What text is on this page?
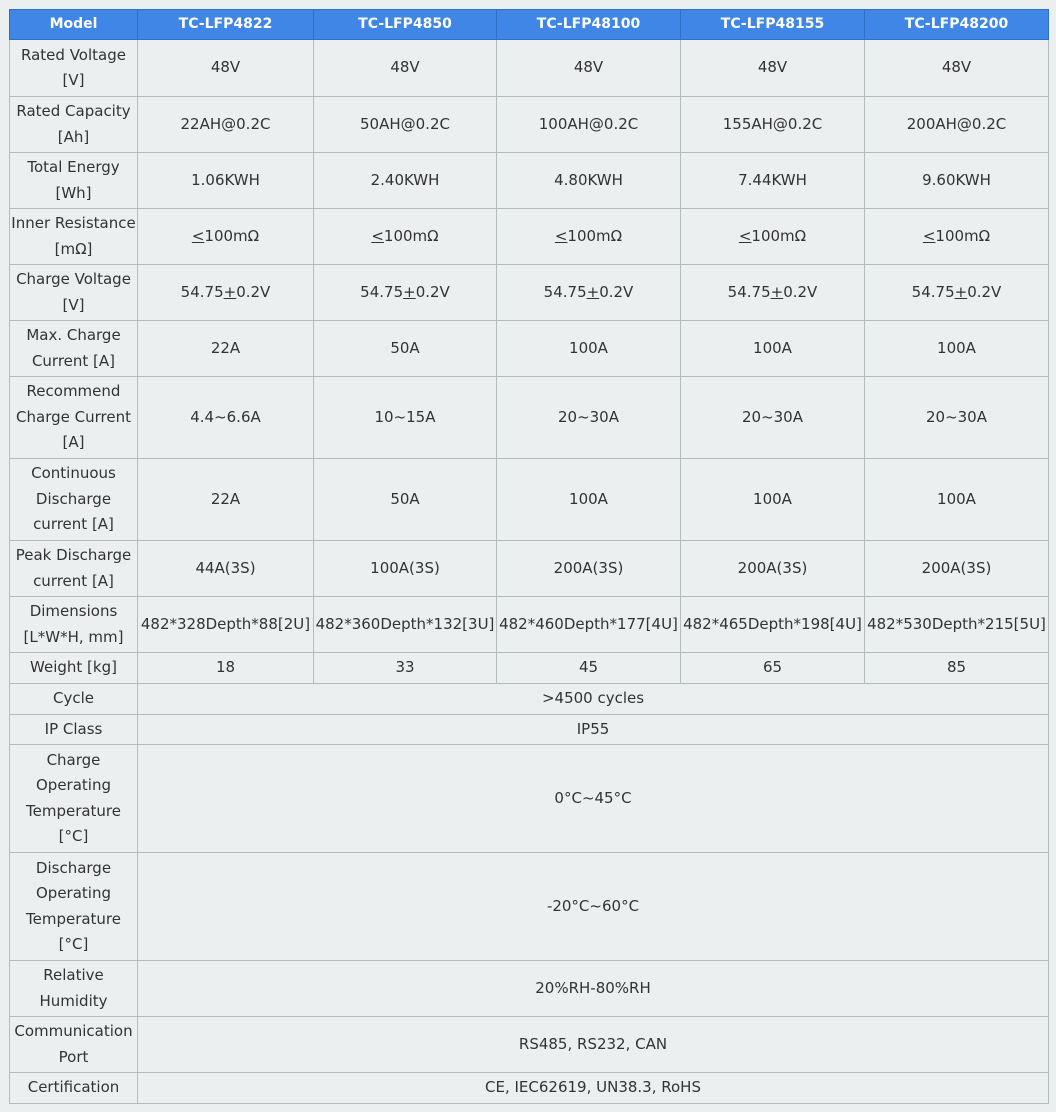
Model	TC-LFP4822	TC-LFP4850	TC-LFP48100	TC-LFP48155	TC-LFP48200
Rated Voltage [V]	48V	48V	48V	48V	48V
Rated Capacity [Ah]	22AH@0.2C	50AH@0.2C	100AH@0.2C	155AH@0.2C	200AH@0.2C
Total Energy [Wh]	1.06KWH	2.40KWH	4.80KWH	7.44KWH	9.60KWH
Inner Resistance [mΩ]	≤100mΩ	≤100mΩ	≤100mΩ	≤100mΩ	≤100mΩ
Charge Voltage [V]	54.75+0.2V	54.75+0.2V	54.75+0.2V	54.75+0.2V	54.75+0.2V
Max. Charge Current [A]	22A	50A	100A	100A	100A
Recommend Charge Current [A]	4.4~6.6A	10~15A	20~30A	20~30A	20~30A
Continuous Discharge current [A]	22A	50A	100A	100A	100A
Peak Discharge current [A]	44A(3S)	100A(3S)	200A(3S)	200A(3S)	200A(3S)
Dimensions [L*W*H, mm]	482*328Depth*88[2U]	482*360Depth*132[3U]	482*460Depth*177[4U]	482*465Depth*198[4U]	482*530Depth*215[5U]
Weight [kg]	18	33	45	65	85
Cycle	>4500 cycles				
IP Class	IP55				
Charge Operating Temperature [°C]	0°C~45°C				
Discharge Operating Temperature [°C]	-20°C~60°C				
Relative Humidity	20%RH-80%RH				
Communication Port	RS485, RS232, CAN				
Certification	CE, IEC62619, UN38.3, RoHS				
